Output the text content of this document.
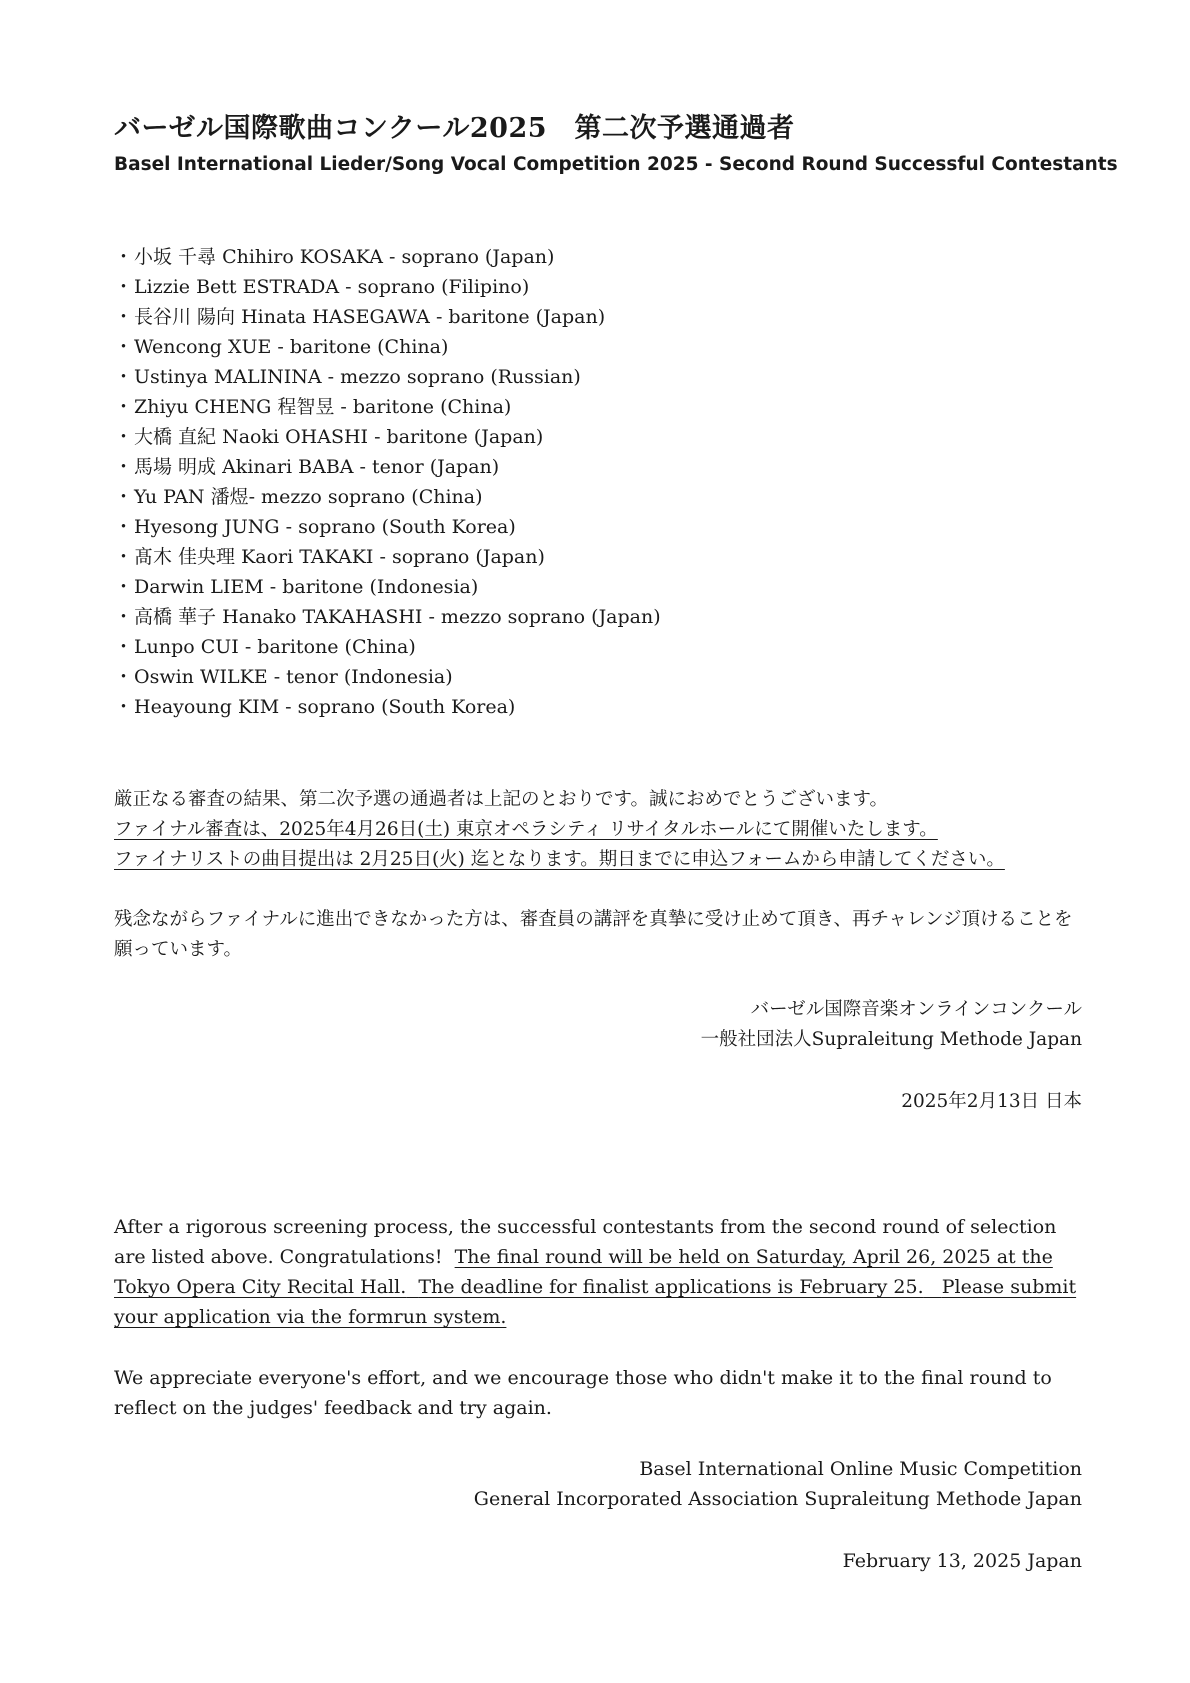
バーゼル国際歌曲コンクール2025　第二次予選通過者
Basel International Lieder/Song Vocal Competition 2025 - Second Round Successful Contestants
・小坂 千尋 Chihiro KOSAKA - soprano (Japan)
・Lizzie Bett ESTRADA - soprano (Filipino)
・長谷川 陽向 Hinata HASEGAWA - baritone (Japan)
・Wencong XUE - baritone (China)
・Ustinya MALININA - mezzo soprano (Russian)
・Zhiyu CHENG 程智昱 - baritone (China)
・大橋 直紀 Naoki OHASHI - baritone (Japan)
・馬場 明成 Akinari BABA - tenor (Japan)
・Yu PAN 潘煜- mezzo soprano (China)
・Hyesong JUNG - soprano (South Korea)
・髙木 佳央理 Kaori TAKAKI - soprano (Japan)
・Darwin LIEM - baritone (Indonesia)
・高橋 華子 Hanako TAKAHASHI - mezzo soprano (Japan)
・Lunpo CUI - baritone (China)
・Oswin WILKE - tenor (Indonesia)
・Heayoung KIM - soprano (South Korea)

厳正なる審査の結果、第二次予選の通過者は上記のとおりです。誠におめでとうございます。

ファイナル審査は、2025年4月26日(土) 東京オペラシティ リサイタルホールにて開催いたします。

ファイナリストの曲目提出は 2月25日(火) 迄となります。期日までに申込フォームから申請してください。

残念ながらファイナルに進出できなかった方は、審査員の講評を真摯に受け止めて頂き、再チャレンジ頂けることを願っています。

バーゼル国際音楽オンラインコンクール
一般社団法人Supraleitung Methode Japan
2025年2月13日 日本

After a rigorous screening process, the successful contestants from the second round of selection are listed above. Congratulations! The final round will be held on Saturday, April 26, 2025 at the Tokyo Opera City Recital Hall. The deadline for finalist applications is February 25. Please submit your application via the formrun system.

We appreciate everyone's effort, and we encourage those who didn't make it to the final round to reflect on the judges' feedback and try again.

Basel International Online Music Competition
General Incorporated Association Supraleitung Methode Japan
February 13, 2025 Japan
